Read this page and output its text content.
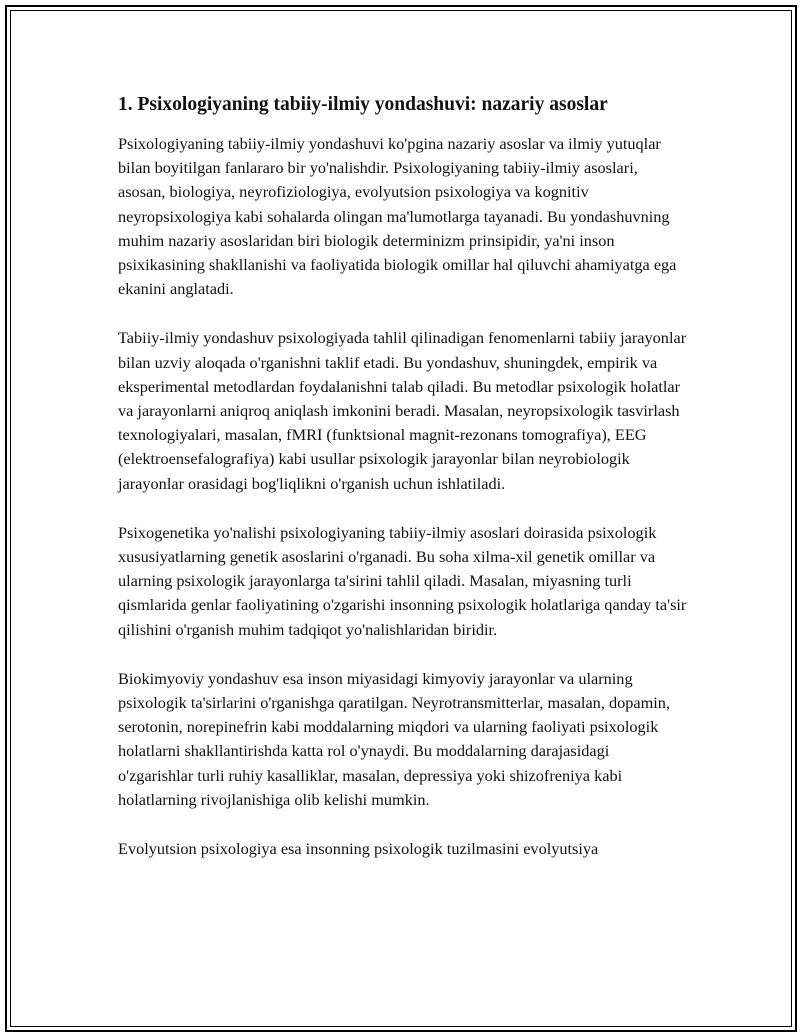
1. Psixologiyaning tabiiy-ilmiy yondashuvi: nazariy asoslar

Psixologiyaning tabiiy-ilmiy yondashuvi ko'pgina nazariy asoslar va ilmiy yutuqlar bilan boyitilgan fanlararo bir yo'nalishdir. Psixologiyaning tabiiy-ilmiy asoslari, asosan, biologiya, neyrofiziologiya, evolyutsion psixologiya va kognitiv neyropsixologiya kabi sohalarda olingan ma'lumotlarga tayanadi. Bu yondashuvning muhim nazariy asoslaridan biri biologik determinizm prinsipidir, ya'ni inson psixikasining shakllanishi va faoliyatida biologik omillar hal qiluvchi ahamiyatga ega ekanini anglatadi.

Tabiiy-ilmiy yondashuv psixologiyada tahlil qilinadigan fenomenlarni tabiiy jarayonlar bilan uzviy aloqada o'rganishni taklif etadi. Bu yondashuv, shuningdek, empirik va eksperimental metodlardan foydalanishni talab qiladi. Bu metodlar psixologik holatlar va jarayonlarni aniqroq aniqlash imkonini beradi. Masalan, neyropsixologik tasvirlash texnologiyalari, masalan, fMRI (funktsional magnit-rezonans tomografiya), EEG (elektroensefalografiya) kabi usullar psixologik jarayonlar bilan neyrobiologik jarayonlar orasidagi bog'liqlikni o'rganish uchun ishlatiladi.

Psixogenetika yo'nalishi psixologiyaning tabiiy-ilmiy asoslari doirasida psixologik xususiyatlarning genetik asoslarini o'rganadi. Bu soha xilma-xil genetik omillar va ularning psixologik jarayonlarga ta'sirini tahlil qiladi. Masalan, miyasning turli qismlarida genlar faoliyatining o'zgarishi insonning psixologik holatlariga qanday ta'sir qilishini o'rganish muhim tadqiqot yo'nalishlaridan biridir.

Biokimyoviy yondashuv esa inson miyasidagi kimyoviy jarayonlar va ularning psixologik ta'sirlarini o'rganishga qaratilgan. Neyrotransmitterlar, masalan, dopamin, serotonin, norepinefrin kabi moddalarning miqdori va ularning faoliyati psixologik holatlarni shakllantirishda katta rol o'ynaydi. Bu moddalarning darajasidagi o'zgarishlar turli ruhiy kasalliklar, masalan, depressiya yoki shizofreniya kabi holatlarning rivojlanishiga olib kelishi mumkin.

Evolyutsion psixologiya esa insonning psixologik tuzilmasini evolyutsiya
